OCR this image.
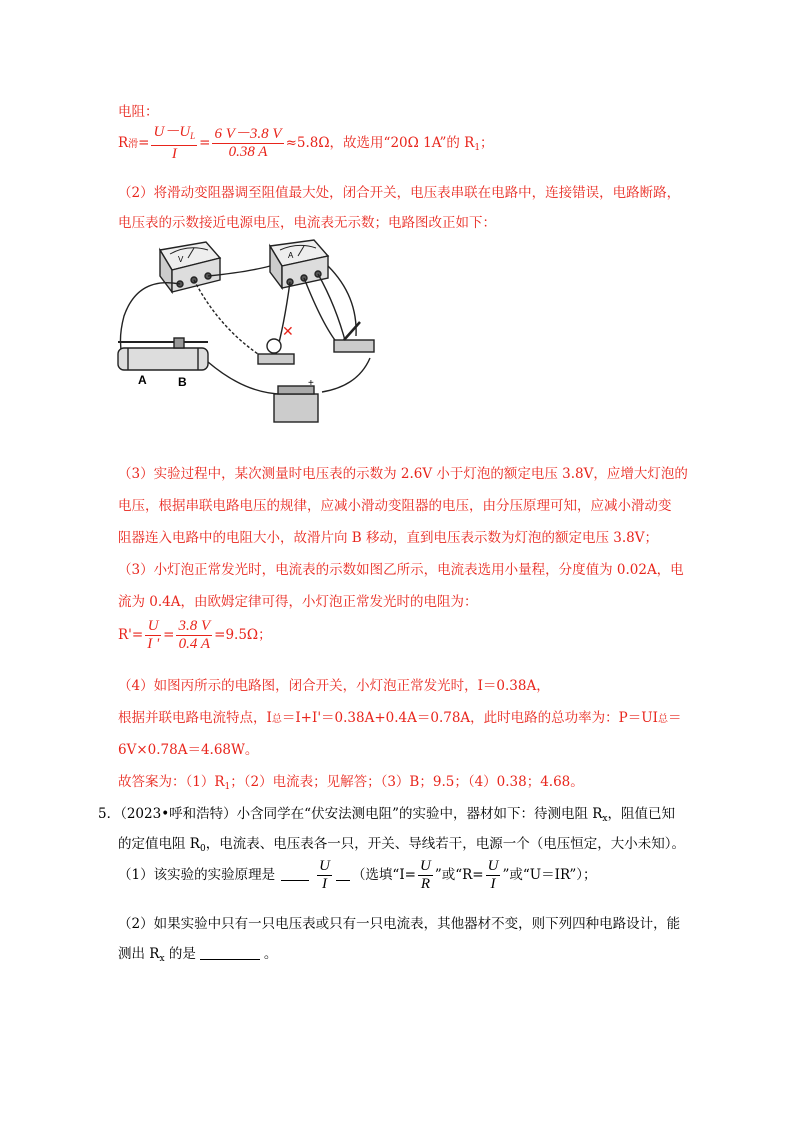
电阻：
R滑= $\frac{U-U_L}{I} = \frac{6 V-3.8 V}{0.38 A} \approx 5.8\Omega$，故选用“20Ω 1A”的 $R_1$；
（2）将滑动变阻器调至阻值最大处，闭合开关，电压表串联在电路中，连接错误，电路断路，
电压表的示数接近电源电压，电流表无示数；电路图改正如下：
V	A
A	B	+
✕
（3）实验过程中，某次测量时电压表的示数为 2.6V 小于灯泡的额定电压 3.8V，应增大灯泡的
电压，根据串联电路电压的规律，应减小滑动变阻器的电压，由分压原理可知，应减小滑动变
阻器连入电路中的电阻大小，故滑片向 B 移动，直到电压表示数为灯泡的额定电压 3.8V；
（3）小灯泡正常发光时，电流表的示数如图乙所示，电流表选用小量程，分度值为 0.02A，电
流为 0.4A，由欧姆定律可得，小灯泡正常发光时的电阻为：
$R'= \frac{U}{I '} = \frac{3.8 V}{0.4 A} =9.5\Omega$；
（4）如图丙所示的电路图，闭合开关，小灯泡正常发光时，I＝0.38A，
根据并联电路电流特点，I总＝I+I'＝0.38A+0.4A＝0.78A，此时电路的总功率为：P＝UI总＝
6V×0.78A＝4.68W。
故答案为：$(1)R_1$；（2）电流表；见解答；（3）B；9.5；（4）0.38；4.68。
5．（2023•呼和浩特）小含同学在“伏安法测电阻”的实验中，器材如下：待测电阻 $R_x$，阻值已知
的定值电阻 $R_0$，电流表、电压表各一只，开关、导线若干，电源一个（电压恒定，大小未知）。
（1）该实验的实验原理是	$\frac{U}{I}$ （选填“$I= \frac{U}{R}$ ”或“$R= \frac{U}{I}$ ”或“U＝IR”）；
（2）如果实验中只有一只电压表或只有一只电流表，其他器材不变，则下列四种电路设计，能
测出 $R_x$ 的是	。
